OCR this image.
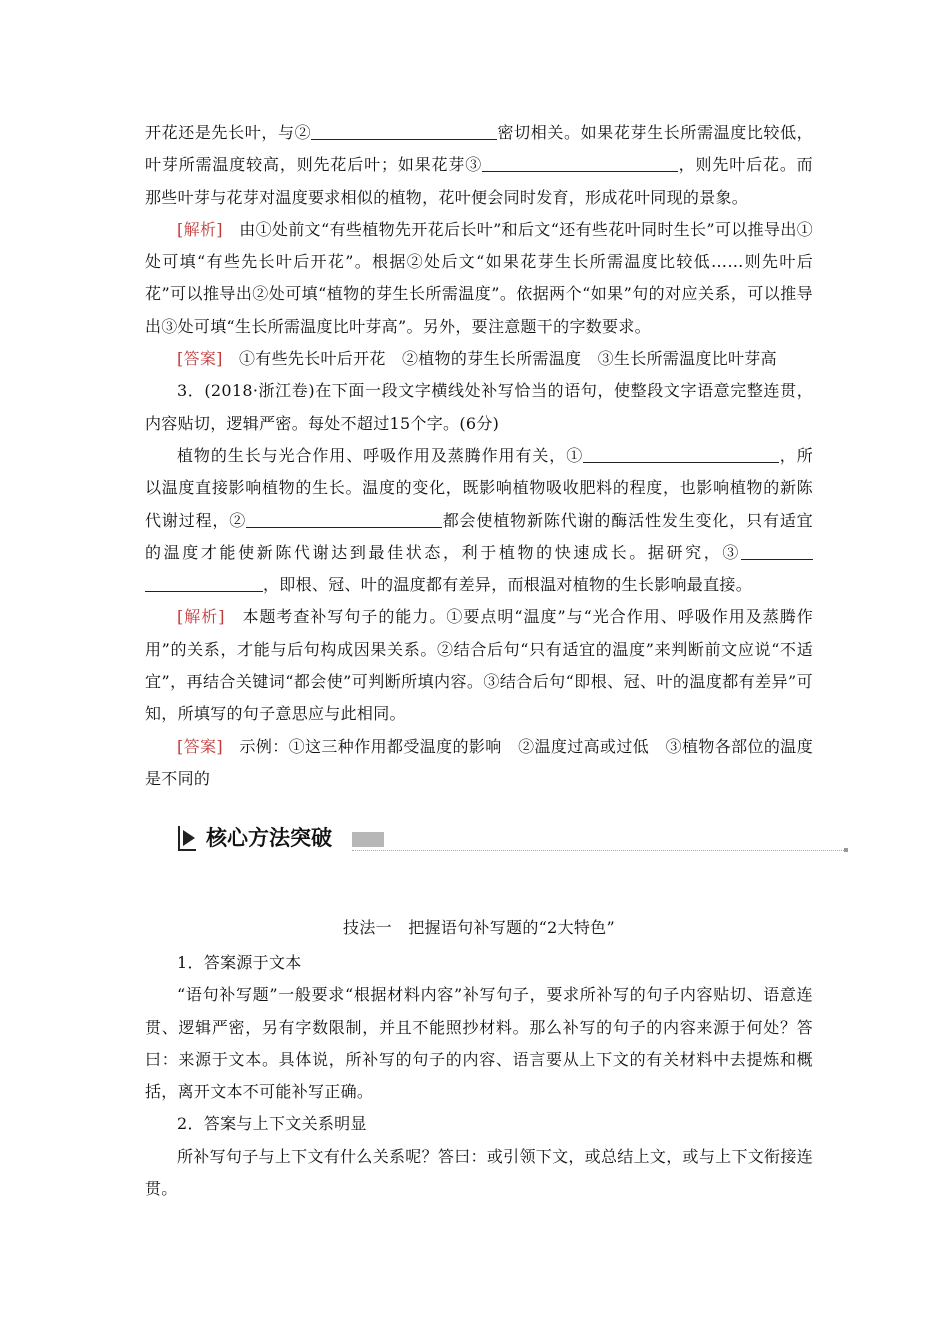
开花还是先长叶，与②	密切相关。如果花芽生长所需温度比较低，叶芽所需温度较高，则先花后叶；如果花芽③	，则先叶后花。而那些叶芽与花芽对温度要求相似的植物，花叶便会同时发育，形成花叶同现的景象。

[解析]　由①处前文“有些植物先开花后长叶”和后文“还有些花叶同时生长”可以推导出①处可填“有些先长叶后开花”。根据②处后文“如果花芽生长所需温度比较低……则先叶后花”可以推导出②处可填“植物的芽生长所需温度”。依据两个“如果”句的对应关系，可以推导出③处可填“生长所需温度比叶芽高”。另外，要注意题干的字数要求。

[答案]　①有些先长叶后开花　②植物的芽生长所需温度　③生长所需温度比叶芽高

3．(2018·浙江卷)在下面一段文字横线处补写恰当的语句，使整段文字语意完整连贯，内容贴切，逻辑严密。每处不超过15个字。(6分)

植物的生长与光合作用、呼吸作用及蒸腾作用有关，①	，所以温度直接影响植物的生长。温度的变化，既影响植物吸收肥料的程度，也影响植物的新陈代谢过程，②	都会使植物新陈代谢的酶活性发生变化，只有适宜的温度才能使新陈代谢达到最佳状态，利于植物的快速成长。据研究，③，即根、冠、叶的温度都有差异，而根温对植物的生长影响最直接。

[解析]　本题考查补写句子的能力。①要点明“温度”与“光合作用、呼吸作用及蒸腾作用”的关系，才能与后句构成因果关系。②结合后句“只有适宜的温度”来判断前文应说“不适宜”，再结合关键词“都会使”可判断所填内容。③结合后句“即根、冠、叶的温度都有差异”可知，所填写的句子意思应与此相同。

[答案]　示例：①这三种作用都受温度的影响　②温度过高或过低　③植物各部位的温度是不同的

核心方法突破

技法一　把握语句补写题的“2大特色”

1．答案源于文本

“语句补写题”一般要求“根据材料内容”补写句子，要求所补写的句子内容贴切、语意连贯、逻辑严密，另有字数限制，并且不能照抄材料。那么补写的句子的内容来源于何处？答曰：来源于文本。具体说，所补写的句子的内容、语言要从上下文的有关材料中去提炼和概括，离开文本不可能补写正确。

2．答案与上下文关系明显

所补写句子与上下文有什么关系呢？答曰：或引领下文，或总结上文，或与上下文衔接连贯。
